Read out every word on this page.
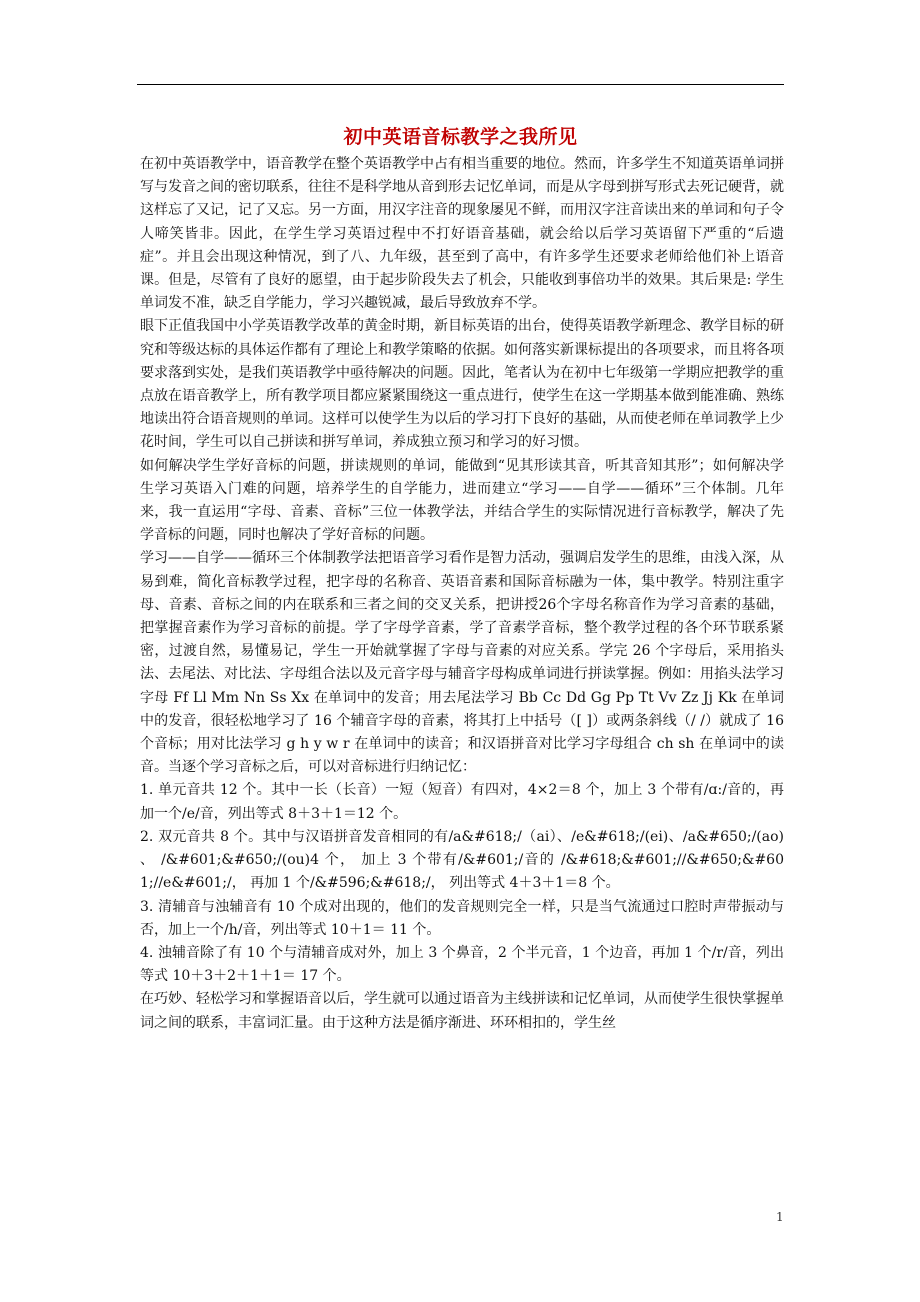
初中英语音标教学之我所见

在初中英语教学中，语音教学在整个英语教学中占有相当重要的地位。然而，许多学生不知道英语单词拼写与发音之间的密切联系，往往不是科学地从音到形去记忆单词，而是从字母到拼写形式去死记硬背，就这样忘了又记，记了又忘。另一方面，用汉字注音的现象屡见不鲜，而用汉字注音读出来的单词和句子令人啼笑皆非。因此，在学生学习英语过程中不打好语音基础，就会给以后学习英语留下严重的“后遗症”。并且会出现这种情况，到了八、九年级，甚至到了高中，有许多学生还要求老师给他们补上语音课。但是，尽管有了良好的愿望，由于起步阶段失去了机会，只能收到事倍功半的效果。其后果是: 学生单词发不准，缺乏自学能力，学习兴趣锐减，最后导致放弃不学。

眼下正值我国中小学英语教学改革的黄金时期，新目标英语的出台，使得英语教学新理念、教学目标的研究和等级达标的具体运作都有了理论上和教学策略的依据。如何落实新课标提出的各项要求，而且将各项要求落到实处，是我们英语教学中亟待解决的问题。因此，笔者认为在初中七年级第一学期应把教学的重点放在语音教学上，所有教学项目都应紧紧围绕这一重点进行，使学生在这一学期基本做到能准确、熟练地读出符合语音规则的单词。这样可以使学生为以后的学习打下良好的基础，从而使老师在单词教学上少花时间，学生可以自己拼读和拼写单词，养成独立预习和学习的好习惯。

如何解决学生学好音标的问题，拼读规则的单词，能做到“见其形读其音，听其音知其形”；如何解决学生学习英语入门难的问题，培养学生的自学能力，进而建立“学习——自学——循环”三个体制。几年来，我一直运用“字母、音素、音标”三位一体教学法，并结合学生的实际情况进行音标教学，解决了先学音标的问题，同时也解决了学好音标的问题。

学习——自学——循环三个体制教学法把语音学习看作是智力活动，强调启发学生的思维，由浅入深，从易到难，简化音标教学过程，把字母的名称音、英语音素和国际音标融为一体，集中教学。特别注重字母、音素、音标之间的内在联系和三者之间的交叉关系，把讲授26个字母名称音作为学习音素的基础，把掌握音素作为学习音标的前提。学了字母学音素，学了音素学音标，整个教学过程的各个环节联系紧密，过渡自然，易懂易记，学生一开始就掌握了字母与音素的对应关系。学完 26 个字母后，采用掐头法、去尾法、对比法、字母组合法以及元音字母与辅音字母构成单词进行拼读掌握。例如：用掐头法学习字母 Ff Ll Mm Nn Ss Xx 在单词中的发音；用去尾法学习 Bb Cc Dd Gg Pp Tt Vv Zz Jj Kk 在单词中的发音，很轻松地学习了 16 个辅音字母的音素，将其打上中括号（[ ]）或两条斜线（/ /）就成了 16 个音标；用对比法学习 g h y w r 在单词中的读音；和汉语拼音对比学习字母组合 ch sh 在单词中的读音。当逐个学习音标之后，可以对音标进行归纳记忆：

1. 单元音共 12 个。其中一长（长音）一短（短音）有四对，4×2＝8 个，加上 3 个带有/ɑ:/音的，再加一个/e/音，列出等式 8＋3＋1＝12 个。

2. 双元音共 8 个。其中与汉语拼音发音相同的有/a&#618;/（ai）、/e&#618;/(ei)、/a&#650;/(ao) 、 /&#601;&#650;/(ou)4 个， 加上 3 个带有/&#601;/音的 /&#618;&#601;//&#650;&#601;//e&#601;/， 再加 1 个/&#596;&#618;/， 列出等式 4＋3＋1＝8 个。

3. 清辅音与浊辅音有 10 个成对出现的，他们的发音规则完全一样，只是当气流通过口腔时声带振动与否，加上一个/h/音，列出等式 10＋1＝ 11 个。

4. 浊辅音除了有 10 个与清辅音成对外，加上 3 个鼻音，2 个半元音，1 个边音，再加 1 个/r/音，列出等式 10＋3＋2＋1＋1＝ 17 个。

在巧妙、轻松学习和掌握语音以后，学生就可以通过语音为主线拼读和记忆单词，从而使学生很快掌握单词之间的联系，丰富词汇量。由于这种方法是循序渐进、环环相扣的，学生丝

1
